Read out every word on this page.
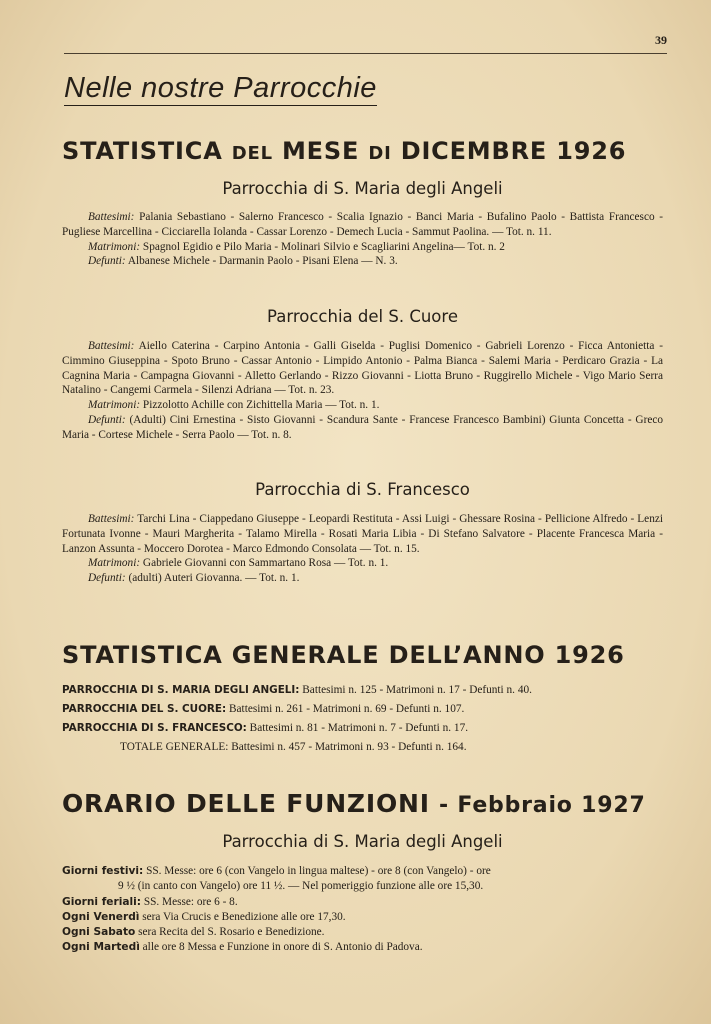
39
Nelle nostre Parrocchie
STATISTICA DEL MESE DI DICEMBRE 1926
Parrocchia di S. Maria degli Angeli

Battesimi: Palania Sebastiano - Salerno Francesco - Scalia Ignazio - Banci Maria - Bufalino Paolo - Battista Francesco - Pugliese Marcellina - Cicciarella Iolanda - Cassar Lorenzo - Demech Lucia - Sammut Paolina. — Tot. n. 11.

Matrimoni: Spagnol Egidio e Pilo Maria - Molinari Silvio e Scagliarini Angelina— Tot. n. 2

Defunti: Albanese Michele - Darmanin Paolo - Pisani Elena — N. 3.

Parrocchia del S. Cuore

Battesimi: Aiello Caterina - Carpino Antonia - Galli Giselda - Puglisi Domenico - Gabrieli Lorenzo - Ficca Antonietta - Cimmino Giuseppina - Spoto Bruno - Cassar Antonio - Limpido Antonio - Palma Bianca - Salemi Maria - Perdicaro Grazia - La Cagnina Maria - Campagna Giovanni - Alletto Gerlando - Rizzo Giovanni - Liotta Bruno - Ruggirello Michele - Vigo Mario Serra Natalino - Cangemi Carmela - Silenzi Adriana — Tot. n. 23.

Matrimoni: Pizzolotto Achille con Zichittella Maria — Tot. n. 1.

Defunti: (Adulti) Cini Ernestina - Sisto Giovanni - Scandura Sante - Francese Francesco Bambini) Giunta Concetta - Greco Maria - Cortese Michele - Serra Paolo — Tot. n. 8.

Parrocchia di S. Francesco

Battesimi: Tarchi Lina - Ciappedano Giuseppe - Leopardi Restituta - Assi Luigi - Ghessare Rosina - Pellicione Alfredo - Lenzi Fortunata Ivonne - Mauri Margherita - Talamo Mirella - Rosati Maria Libia - Di Stefano Salvatore - Placente Francesca Maria - Lanzon Assunta - Moccero Dorotea - Marco Edmondo Consolata — Tot. n. 15.

Matrimoni: Gabriele Giovanni con Sammartano Rosa — Tot. n. 1.

Defunti: (adulti) Auteri Giovanna. — Tot. n. 1.

STATISTICA GENERALE DELL’ANNO 1926
PARROCCHIA DI S. MARIA DEGLI ANGELI: Battesimi n. 125 - Matrimoni n. 17 - Defunti n. 40.
PARROCCHIA DEL S. CUORE: Battesimi n. 261 - Matrimoni n. 69 - Defunti n. 107.
PARROCCHIA DI S. FRANCESCO: Battesimi n. 81 - Matrimoni n. 7 - Defunti n. 17.
TOTALE GENERALE: Battesimi n. 457 - Matrimoni n. 93 - Defunti n. 164.
ORARIO DELLE FUNZIONI - Febbraio 1927
Parrocchia di S. Maria degli Angeli
Giorni festivi: SS. Messe: ore 6 (con Vangelo in lingua maltese) - ore 8 (con Vangelo) - ore
9 ½ (in canto con Vangelo) ore 11 ½. — Nel pomeriggio funzione alle ore 15,30.
Giorni feriali: SS. Messe: ore 6 - 8.
Ogni Venerdì sera Via Crucis e Benedizione alle ore 17,30.
Ogni Sabato sera Recita del S. Rosario e Benedizione.
Ogni Martedì alle ore 8 Messa e Funzione in onore di S. Antonio di Padova.
